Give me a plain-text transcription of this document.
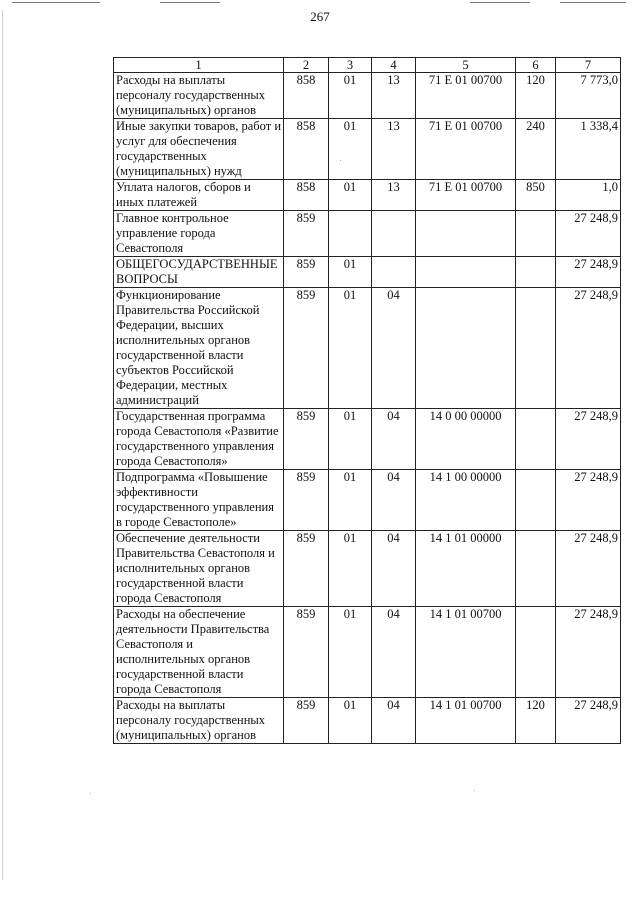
267
1	2	3	4	5	6	7
Расходы на выплаты персоналу государственных (муниципальных) органов	858	01	13	71 Е 01 00700	120	7 773,0
Иные закупки товаров, работ и услуг для обеспечения государственных (муниципальных) нужд	858	01	13	71 Е 01 00700	240	1 338,4
Уплата налогов, сборов и иных платежей	858	01	13	71 Е 01 00700	850	1,0
Главное контрольное управление города Севастополя	859					27 248,9
ОБЩЕГОСУДАРСТВЕННЫЕ ВОПРОСЫ	859	01				27 248,9
Функционирование Правительства Российской Федерации, высших исполнительных органов государственной власти субъектов Российской Федерации, местных администраций	859	01	04			27 248,9
Государственная программа города Севастополя «Развитие государственного управления города Севастополя»	859	01	04	14 0 00 00000		27 248,9
Подпрограмма «Повышение эффективности государственного управления в городе Севастополе»	859	01	04	14 1 00 00000		27 248,9
Обеспечение деятельности Правительства Севастополя и исполнительных органов государственной власти города Севастополя	859	01	04	14 1 01 00000		27 248,9
Расходы на обеспечение деятельности Правительства Севастополя и исполнительных органов государственной власти города Севастополя	859	01	04	14 1 01 00700		27 248,9
Расходы на выплаты персоналу государственных (муниципальных) органов	859	01	04	14 1 01 00700	120	27 248,9
